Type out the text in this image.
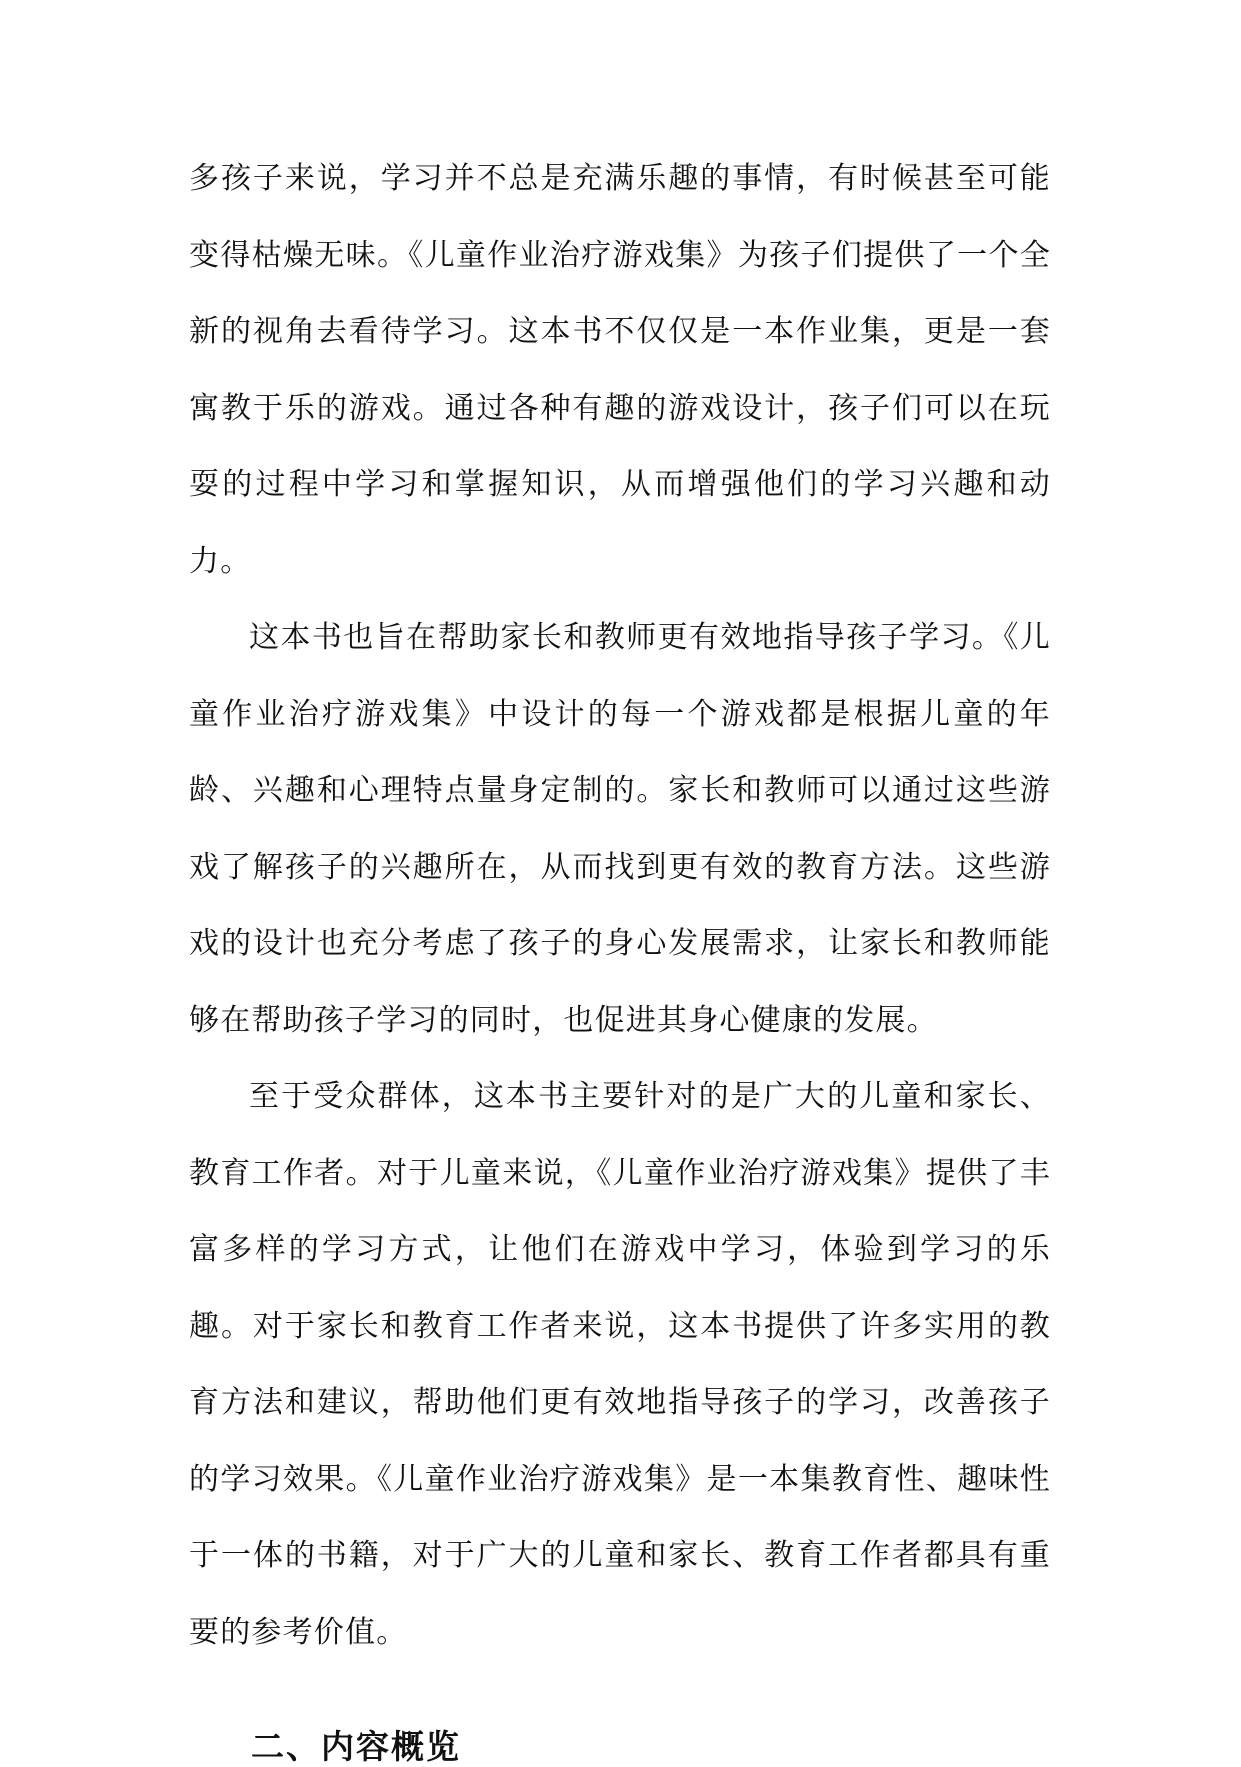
多孩子来说，学习并不总是充满乐趣的事情，有时候甚至可能变得枯燥无味。《儿童作业治疗游戏集》为孩子们提供了一个全新的视角去看待学习。这本书不仅仅是一本作业集，更是一套寓教于乐的游戏。通过各种有趣的游戏设计，孩子们可以在玩耍的过程中学习和掌握知识，从而增强他们的学习兴趣和动力。

这本书也旨在帮助家长和教师更有效地指导孩子学习。《儿童作业治疗游戏集》中设计的每一个游戏都是根据儿童的年龄、兴趣和心理特点量身定制的。家长和教师可以通过这些游戏了解孩子的兴趣所在，从而找到更有效的教育方法。这些游戏的设计也充分考虑了孩子的身心发展需求，让家长和教师能够在帮助孩子学习的同时，也促进其身心健康的发展。

至于受众群体，这本书主要针对的是广大的儿童和家长、教育工作者。对于儿童来说，《儿童作业治疗游戏集》提供了丰富多样的学习方式，让他们在游戏中学习，体验到学习的乐趣。对于家长和教育工作者来说，这本书提供了许多实用的教育方法和建议，帮助他们更有效地指导孩子的学习，改善孩子的学习效果。《儿童作业治疗游戏集》是一本集教育性、趣味性于一体的书籍，对于广大的儿童和家长、教育工作者都具有重要的参考价值。

二、内容概览
